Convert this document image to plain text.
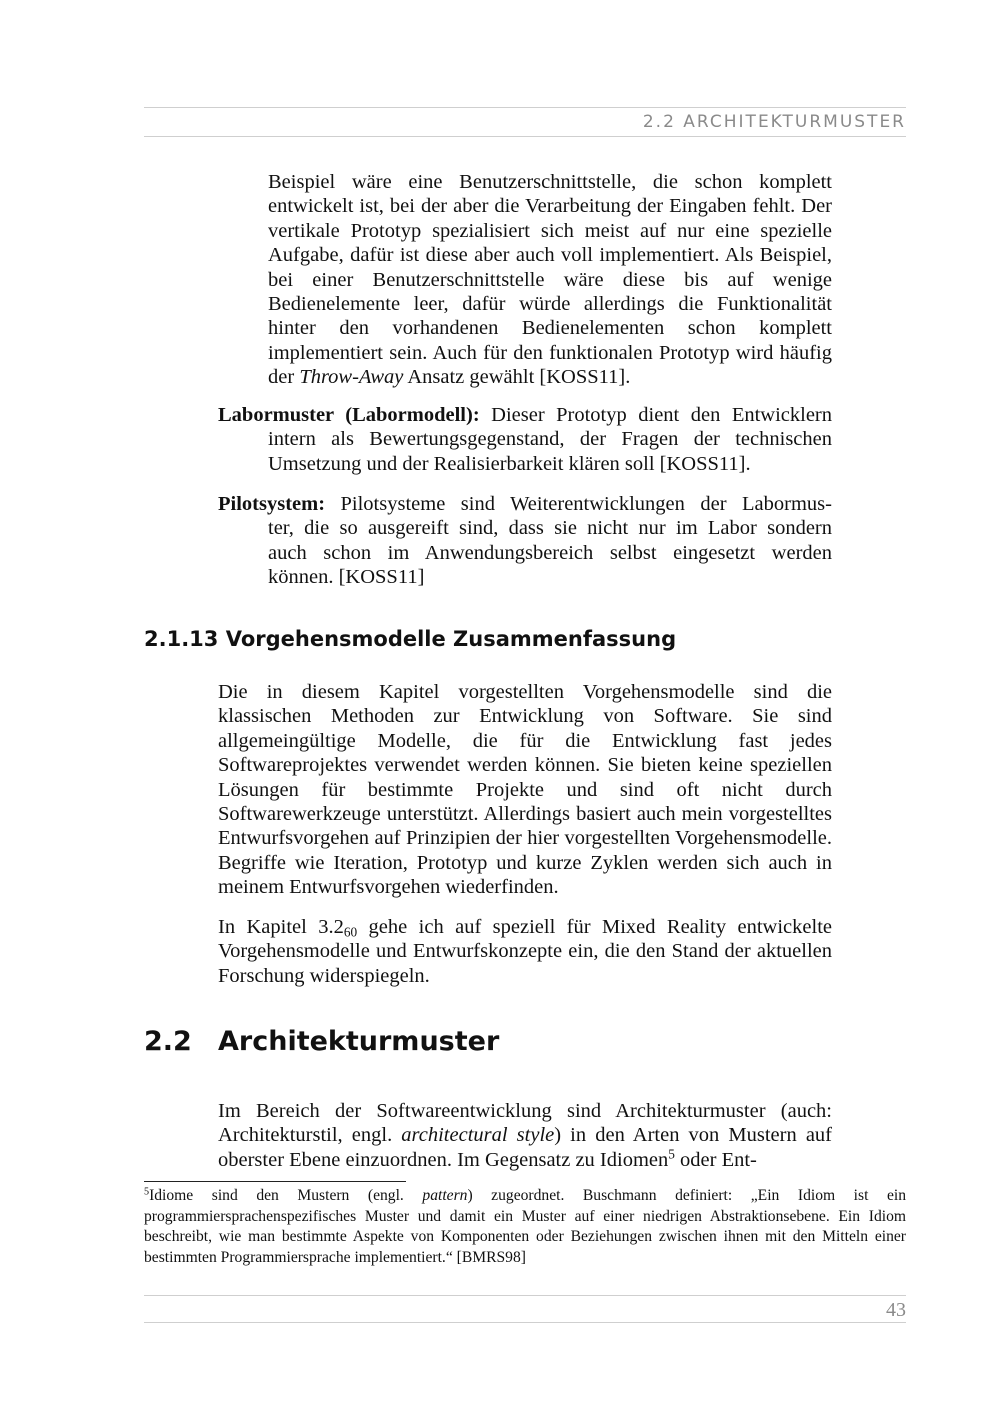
2.2 ARCHITEKTURMUSTER

Beispiel wäre eine Benutzerschnittstelle, die schon komplett entwickelt ist, bei der aber die Verarbeitung der Eingaben fehlt. Der vertikale Prototyp spezialisiert sich meist auf nur eine spezielle Aufgabe, dafür ist diese aber auch voll implementiert. Als Beispiel, bei einer Benutzerschnittstelle wäre diese bis auf wenige Bedienelemente leer, dafür würde allerdings die Funktionalität hinter den vorhandenen Bedienelementen schon komplett implementiert sein. Auch für den funktionalen Prototyp wird häufig der Throw-Away Ansatz gewählt [KOSS11].

Labormuster (Labormodell): Dieser Prototyp dient den Entwicklern
intern als Bewertungsgegenstand, der Fragen der technischen
Umsetzung und der Realisierbarkeit klären soll [KOSS11].
Pilotsystem: Pilotsysteme sind Weiterentwicklungen der Labormus-
ter, die so ausgereift sind, dass sie nicht nur im Labor sondern
auch schon im Anwendungsbereich selbst eingesetzt werden
können. [KOSS11]
2.1.13 Vorgehensmodelle Zusammenfassung

Die in diesem Kapitel vorgestellten Vorgehensmodelle sind die klassischen Methoden zur Entwicklung von Software. Sie sind allgemeingültige Modelle, die für die Entwicklung fast jedes Softwareprojektes verwendet werden können. Sie bieten keine speziellen Lösungen für bestimmte Projekte und sind oft nicht durch Softwarewerkzeuge unterstützt. Allerdings basiert auch mein vorgestelltes Entwurfsvorgehen auf Prinzipien der hier vorgestellten Vorgehensmodelle. Begriffe wie Iteration, Prototyp und kurze Zyklen werden sich auch in meinem Entwurfsvorgehen wiederfinden.

In Kapitel $3.2_{60}$ gehe ich auf speziell für Mixed Reality entwickelte Vorgehensmodelle und Entwurfskonzepte ein, die den Stand der aktuellen Forschung widerspiegeln.

2.2 Architekturmuster

Im Bereich der Softwareentwicklung sind Architekturmuster (auch: Architekturstil, engl. architectural style) in den Arten von Mustern auf oberster Ebene einzuordnen. Im Gegensatz zu Idiomen$^5$ oder Ent-

$^5$Idiome sind den Mustern (engl. pattern) zugeordnet. Buschmann definiert: „Ein Idiom ist ein programmiersprachenspezifisches Muster und damit ein Muster auf einer niedrigen Abstraktionsebene. Ein Idiom beschreibt, wie man bestimmte Aspekte von Komponenten oder Beziehungen zwischen ihnen mit den Mitteln einer bestimmten Programmiersprache implementiert.“ [BMRS98]

43
